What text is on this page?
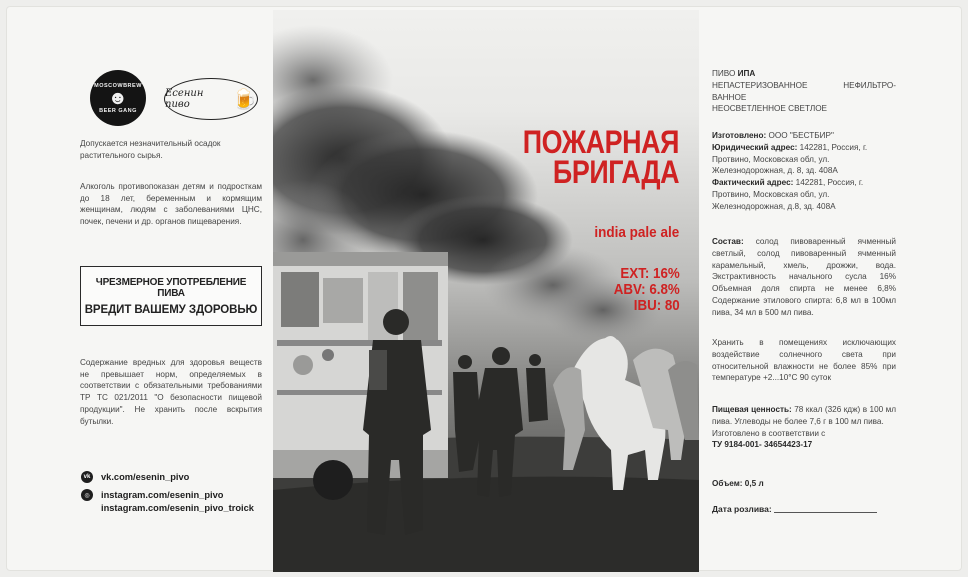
MOSCOWBREW
☻
BEER GANG
Есенин пиво	🍺
Допускается незначительный осадок растительного сырья.
Алкоголь противопоказан детям и подросткам до 18 лет, беременным и кормящим женщинам, людям с заболеваниями ЦНС, почек, печени и др. органов пищеварения.
ЧРЕЗМЕРНОЕ УПОТРЕБЛЕНИЕ ПИВА
ВРЕДИТ ВАШЕМУ ЗДОРОВЬЮ
Содержание вредных для здоровья веществ не превышает норм, определяемых в соответствии с обязательными требованиями ТР ТС 021/2011 "О безопасности пищевой продукции". Не хранить после вскрытия бутылки.
vk vk.com/esenin_pivo
◎	instagram.com/esenin_pivo
instagram.com/esenin_pivo_troick
ПОЖАРНАЯ
БРИГАДА
india pale ale
EXT: 16%
ABV: 6.8%
IBU: 80
ПИВО ИПА
НЕПАСТЕРИЗОВАННОЕ НЕФИЛЬТРО-ВАННОЕ
НЕОСВЕТЛЕННОЕ СВЕТЛОЕ
Изготовлено: ООО "БЕСТБИР"
Юридический адрес: 142281, Россия, г. Протвино, Московская обл, ул. Железнодорожная, д. 8, зд. 408А
Фактический адрес: 142281, Россия, г. Протвино, Московская обл, ул. Железнодорожная, д.8, зд. 408А
Состав: солод пивоваренный ячменный светлый, солод пивоваренный ячменный карамельный, хмель, дрожжи, вода. Экстрактивность начального сусла 16% Объемная доля спирта не менее 6,8% Содержание этилового спирта: 6,8 мл в 100мл пива, 34 мл в 500 мл пива.
Хранить в помещениях исключающих воздействие солнечного света при относительной влажности не более 85% при температуре +2...10°С 90 суток
Пищевая ценность: 78 ккал (326 кдж) в 100 мл пива. Углеводы не более 7,6 г в 100 мл пива.
Изготовлено в соответствии с
ТУ 9184-001- 34654423-17
Объем: 0,5 л
Дата розлива:
